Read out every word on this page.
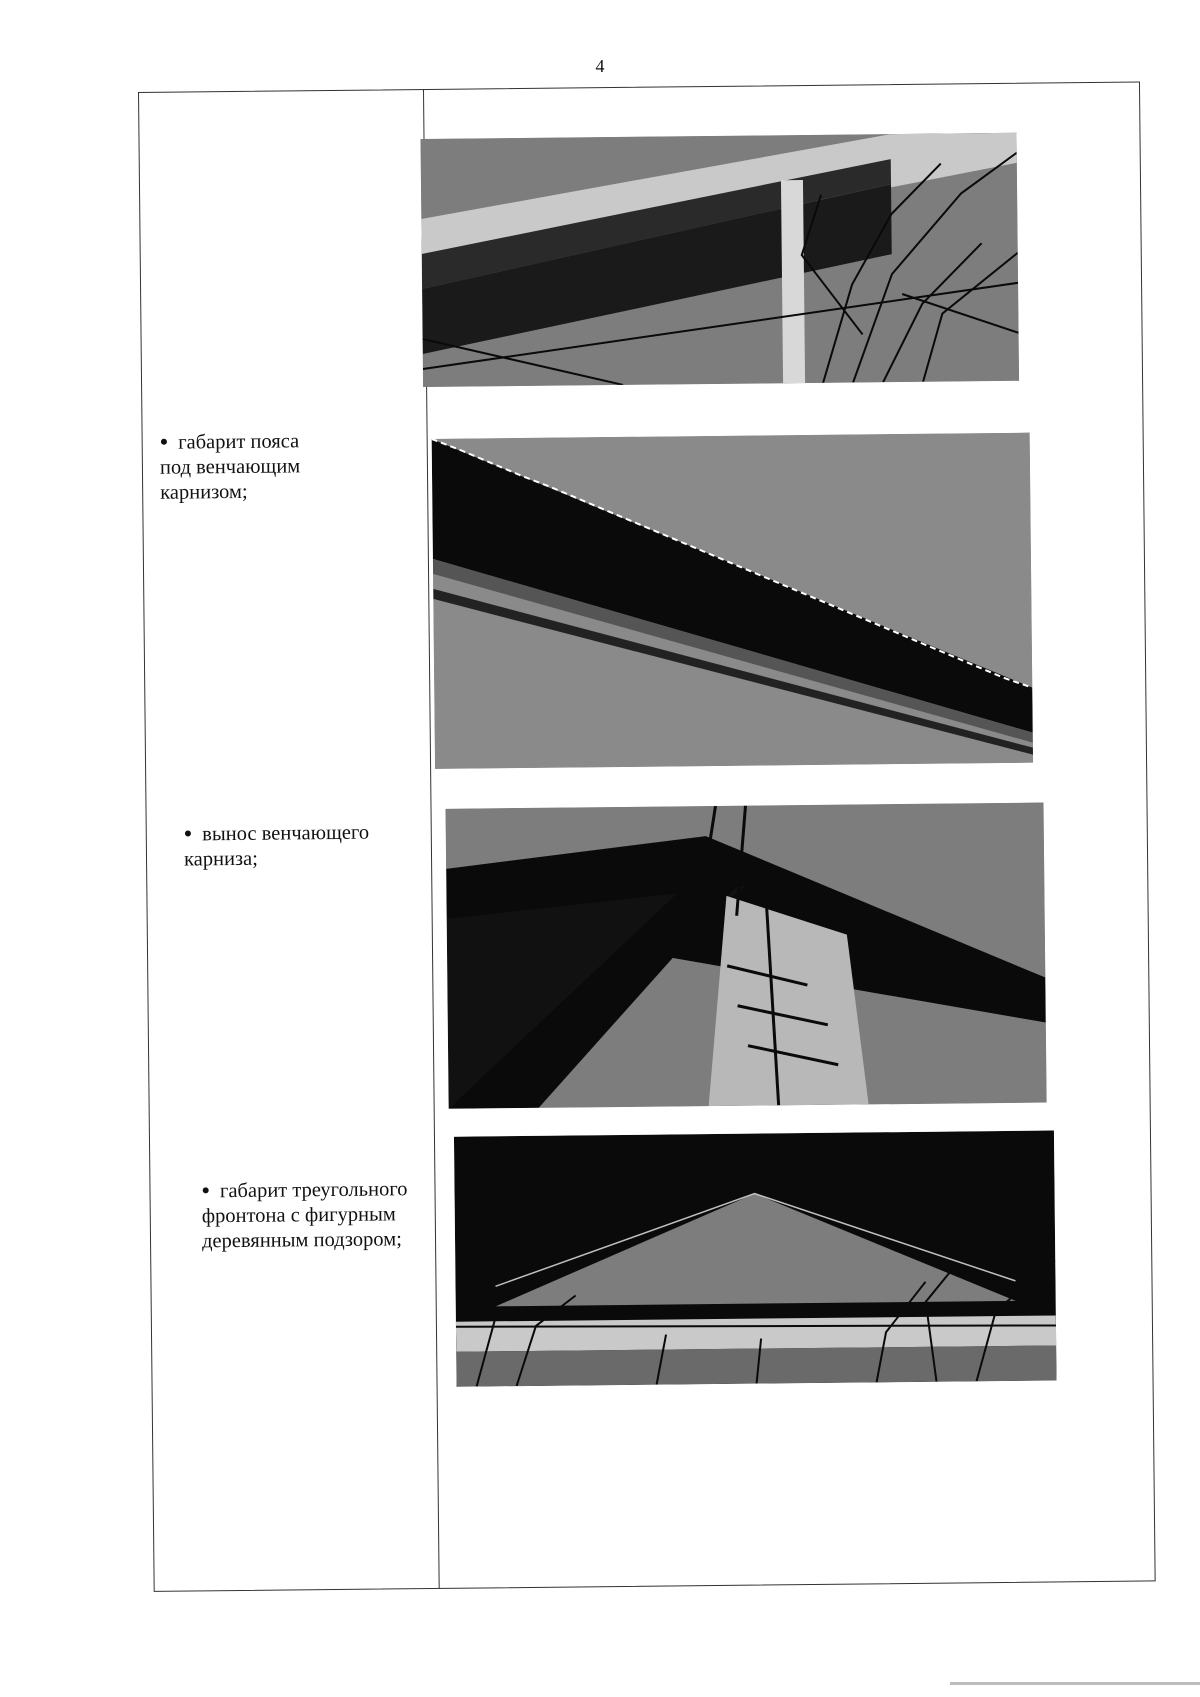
4
● габарит пояса
под венчающим
карнизом;
● вынос венчающего
карниза;
● габарит треугольного
фронтона с фигурным
деревянным подзором;
